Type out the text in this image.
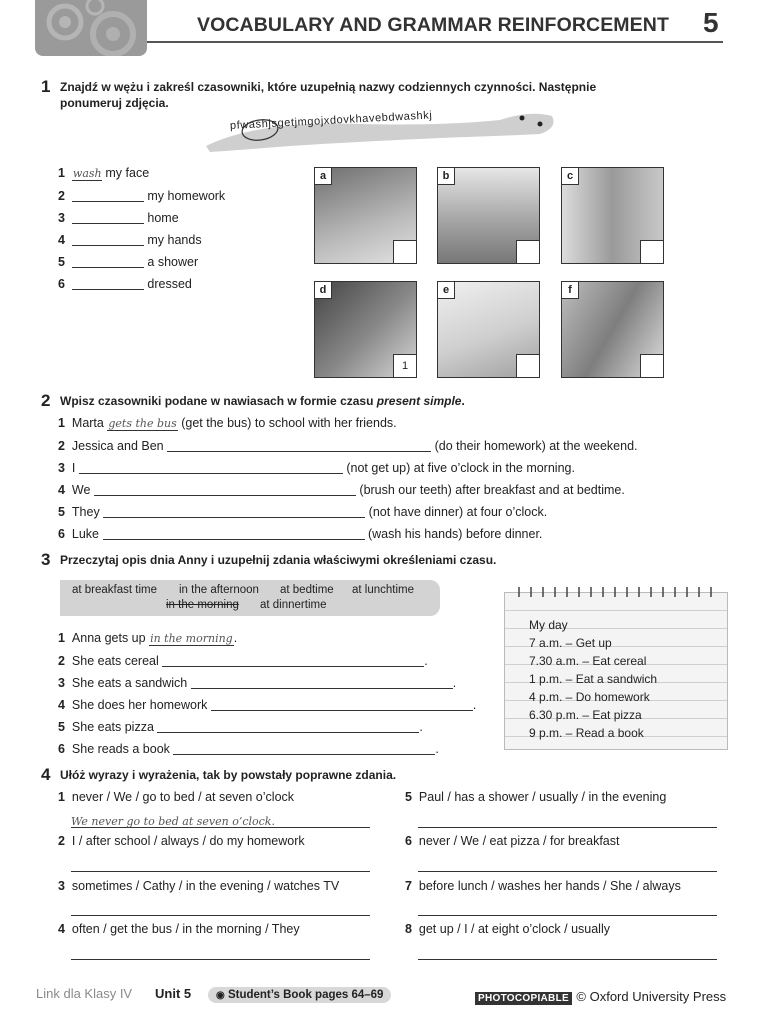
VOCABULARY AND GRAMMAR REINFORCEMENT 5
1 Znajdź w wężu i zakreśl czasowniki, które uzupełnią nazwy codziennych czynności. Następnie ponumeruj zdjęcia.
pfwashjsgetjmgojxdovkhavebdwashkj
1 wash my face
2	my homework
3	home
4	my hands
5	a shower
6	dressed
a	b	c
d
1
e	f
2 Wpisz czasowniki podane w nawiasach w formie czasu present simple.
1 Marta gets the bus (get the bus) to school with her friends.
2 Jessica and Ben	(do their homework) at the weekend.
3 I	(not get up) at five o’clock in the morning.
4 We	(brush our teeth) after breakfast and at bedtime.
5 They	(not have dinner) at four o’clock.
6 Luke	(wash his hands) before dinner.
3 Przeczytaj opis dnia Anny i uzupełnij zdania właściwymi określeniami czasu.
at breakfast time in the afternoon at bedtime at lunchtime
in the morning at dinnertime
1 Anna gets up in the morning.
2 She eats cereal	.
3 She eats a sandwich	.
4 She does her homework	.
5 She eats pizza	.
6 She reads a book	.
My day
7 a.m. – Get up
7.30 a.m. – Eat cereal
1 p.m. – Eat a sandwich
4 p.m. – Do homework
6.30 p.m. – Eat pizza
9 p.m. – Read a book
4 Ułóż wyrazy i wyrażenia, tak by powstały poprawne zdania.
1 never / We / go to bed / at seven o’clock
We never go to bed at seven o’clock.
2 I / after school / always / do my homework
3 sometimes / Cathy / in the evening / watches TV
4 often / get the bus / in the morning / They
5 Paul / has a shower / usually / in the evening
6 never / We / eat pizza / for breakfast
7 before lunch / washes her hands / She / always
8 get up / I / at eight o’clock / usually
Link dla Klasy IV Unit 5	◉ Student’s Book pages 64–69	PHOTOCOPIABLE © Oxford University Press
